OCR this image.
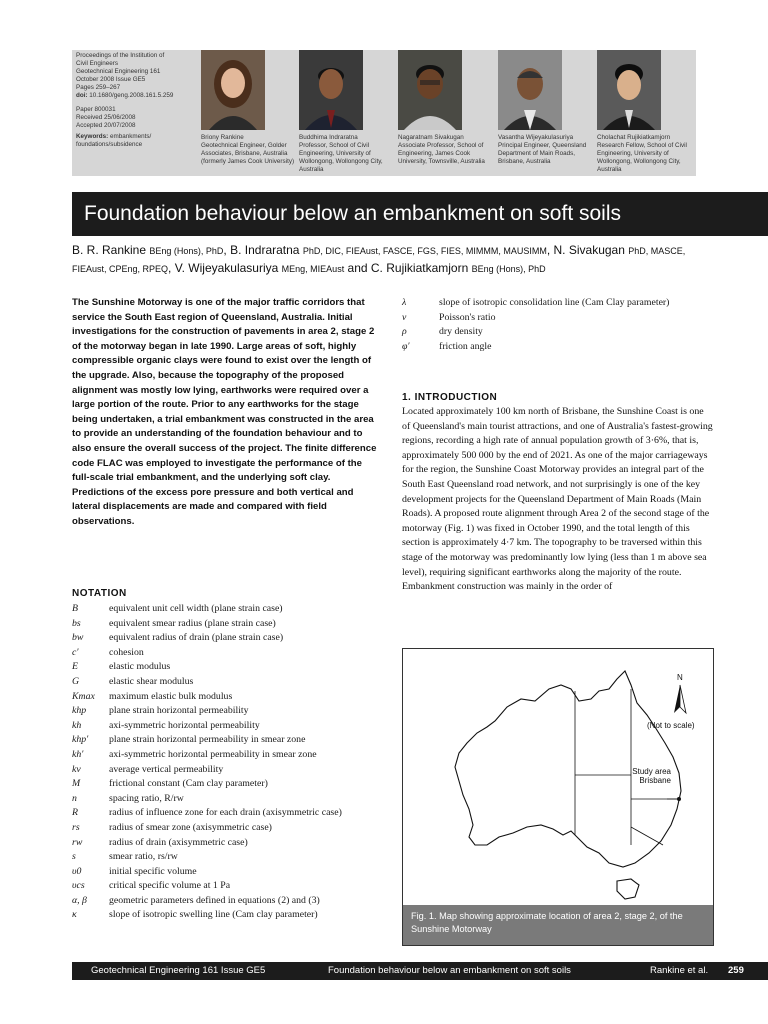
Proceedings of the Institution of
Civil Engineers
Geotechnical Engineering 161
October 2008 Issue GE5
Pages 259–267
doi: 10.1680/geng.2008.161.5.259
Paper 800031
Received 25/06/2008
Accepted 20/07/2008
Keywords: embankments/
foundations/subsidence
Briony Rankine
Geotechnical Engineer, Golder Associates, Brisbane, Australia (formerly James Cook University)
Buddhima Indraratna
Professor, School of Civil Engineering, University of Wollongong, Wollongong City, Australia
Nagaratnam Sivakugan
Associate Professor, School of Engineering, James Cook University, Townsville, Australia
Vasantha Wijeyakulasuriya
Principal Engineer, Queensland Department of Main Roads, Brisbane, Australia
Cholachat Rujikiatkamjorn
Research Fellow, School of Civil Engineering, University of Wollongong, Wollongong City, Australia
Foundation behaviour below an embankment on soft soils
B. R. Rankine BEng (Hons), PhD, B. Indraratna PhD, DIC, FIEAust, FASCE, FGS, FIES, MIMMM, MAUSIMM, N. Sivakugan PhD, MASCE, FIEAust, CPEng, RPEQ, V. Wijeyakulasuriya MEng, MIEAust and C. Rujikiatkamjorn BEng (Hons), PhD
The Sunshine Motorway is one of the major traffic corridors that service the South East region of Queensland, Australia. Initial investigations for the construction of pavements in area 2, stage 2 of the motorway began in late 1990. Large areas of soft, highly compressible organic clays were found to exist over the length of the upgrade. Also, because the topography of the proposed alignment was mostly low lying, earthworks were required over a large portion of the route. Prior to any earthworks for the stage being undertaken, a trial embankment was constructed in the area to provide an understanding of the foundation behaviour and to also ensure the overall success of the project. The finite difference code FLAC was employed to investigate the performance of the full-scale trial embankment, and the underlying soft clay. Predictions of the excess pore pressure and both vertical and lateral displacements are made and compared with field observations.
NOTATION
B	equivalent unit cell width (plane strain case)
bs	equivalent smear radius (plane strain case)
bw	equivalent radius of drain (plane strain case)
c′	cohesion
E	elastic modulus
G	elastic shear modulus
Kmax	maximum elastic bulk modulus
khp	plane strain horizontal permeability
kh	axi-symmetric horizontal permeability
khp′	plane strain horizontal permeability in smear zone
kh′	axi-symmetric horizontal permeability in smear zone
kv	average vertical permeability
M	frictional constant (Cam clay parameter)
n	spacing ratio, R/rw
R	radius of influence zone for each drain (axisymmetric case)
rs	radius of smear zone (axisymmetric case)
rw	radius of drain (axisymmetric case)
s	smear ratio, rs/rw
υ0	initial specific volume
υcs	critical specific volume at 1 Pa
α, β	geometric parameters defined in equations (2) and (3)
κ	slope of isotropic swelling line (Cam clay parameter)
λ	slope of isotropic consolidation line (Cam Clay parameter)
ν	Poisson's ratio
ρ	dry density
φ′	friction angle
1. INTRODUCTION
Located approximately 100 km north of Brisbane, the Sunshine Coast is one of Queensland's main tourist attractions, and one of Australia's fastest-growing regions, recording a high rate of annual population growth of 3·6%, that is, approximately 500 000 by the end of 2021. As one of the major carriageways for the region, the Sunshine Coast Motorway provides an integral part of the South East Queensland road network, and not surprisingly is one of the key development projects for the Queensland Department of Main Roads (Main Roads). A proposed route alignment through Area 2 of the second stage of the motorway (Fig. 1) was fixed in October 1990, and the total length of this section is approximately 4·7 km. The topography to be traversed within this stage of the motorway was predominantly low lying (less than 1 m above sea level), requiring significant earthworks along the majority of the route. Embankment construction was mainly in the order of
N
(Not to scale)
Study area
Brisbane
Fig. 1. Map showing approximate location of area 2, stage 2, of the Sunshine Motorway
Geotechnical Engineering 161 Issue GE5	Foundation behaviour below an embankment on soft soils	Rankine et al. 259
